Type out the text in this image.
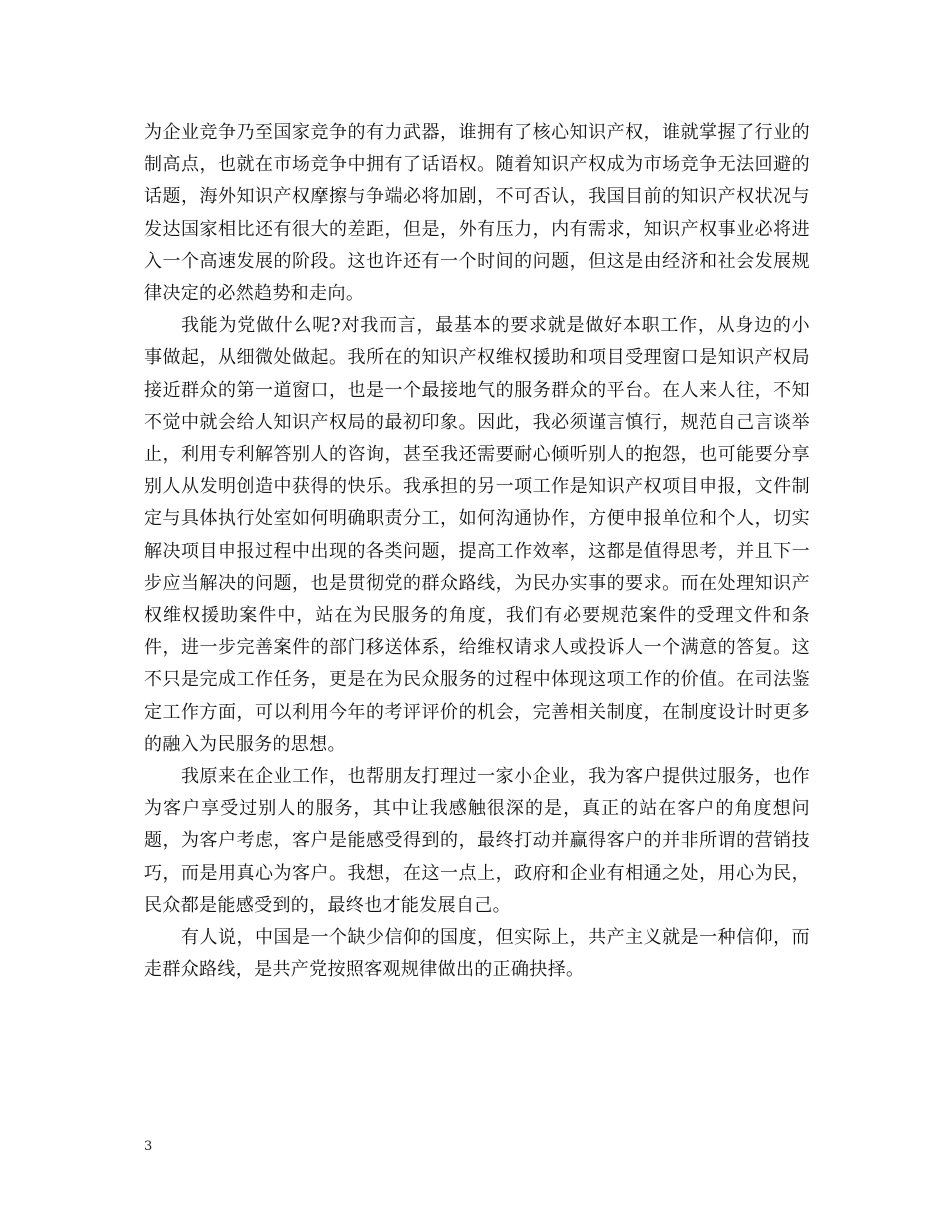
为企业竞争乃至国家竞争的有力武器，谁拥有了核心知识产权，谁就掌握了行业的制高点，也就在市场竞争中拥有了话语权。随着知识产权成为市场竞争无法回避的话题，海外知识产权摩擦与争端必将加剧，不可否认，我国目前的知识产权状况与发达国家相比还有很大的差距，但是，外有压力，内有需求，知识产权事业必将进入一个高速发展的阶段。这也许还有一个时间的问题，但这是由经济和社会发展规律决定的必然趋势和走向。

我能为党做什么呢?对我而言，最基本的要求就是做好本职工作，从身边的小事做起，从细微处做起。我所在的知识产权维权援助和项目受理窗口是知识产权局接近群众的第一道窗口，也是一个最接地气的服务群众的平台。在人来人往，不知不觉中就会给人知识产权局的最初印象。因此，我必须谨言慎行，规范自己言谈举止，利用专利解答别人的咨询，甚至我还需要耐心倾听别人的抱怨，也可能要分享别人从发明创造中获得的快乐。我承担的另一项工作是知识产权项目申报，文件制定与具体执行处室如何明确职责分工，如何沟通协作，方便申报单位和个人，切实解决项目申报过程中出现的各类问题，提高工作效率，这都是值得思考，并且下一步应当解决的问题，也是贯彻党的群众路线，为民办实事的要求。而在处理知识产权维权援助案件中，站在为民服务的角度，我们有必要规范案件的受理文件和条件，进一步完善案件的部门移送体系，给维权请求人或投诉人一个满意的答复。这不只是完成工作任务，更是在为民众服务的过程中体现这项工作的价值。在司法鉴定工作方面，可以利用今年的考评评价的机会，完善相关制度，在制度设计时更多的融入为民服务的思想。

我原来在企业工作，也帮朋友打理过一家小企业，我为客户提供过服务，也作为客户享受过别人的服务，其中让我感触很深的是，真正的站在客户的角度想问题，为客户考虑，客户是能感受得到的，最终打动并赢得客户的并非所谓的营销技巧，而是用真心为客户。我想，在这一点上，政府和企业有相通之处，用心为民，民众都是能感受到的，最终也才能发展自己。

有人说，中国是一个缺少信仰的国度，但实际上，共产主义就是一种信仰，而走群众路线，是共产党按照客观规律做出的正确抉择。

3
